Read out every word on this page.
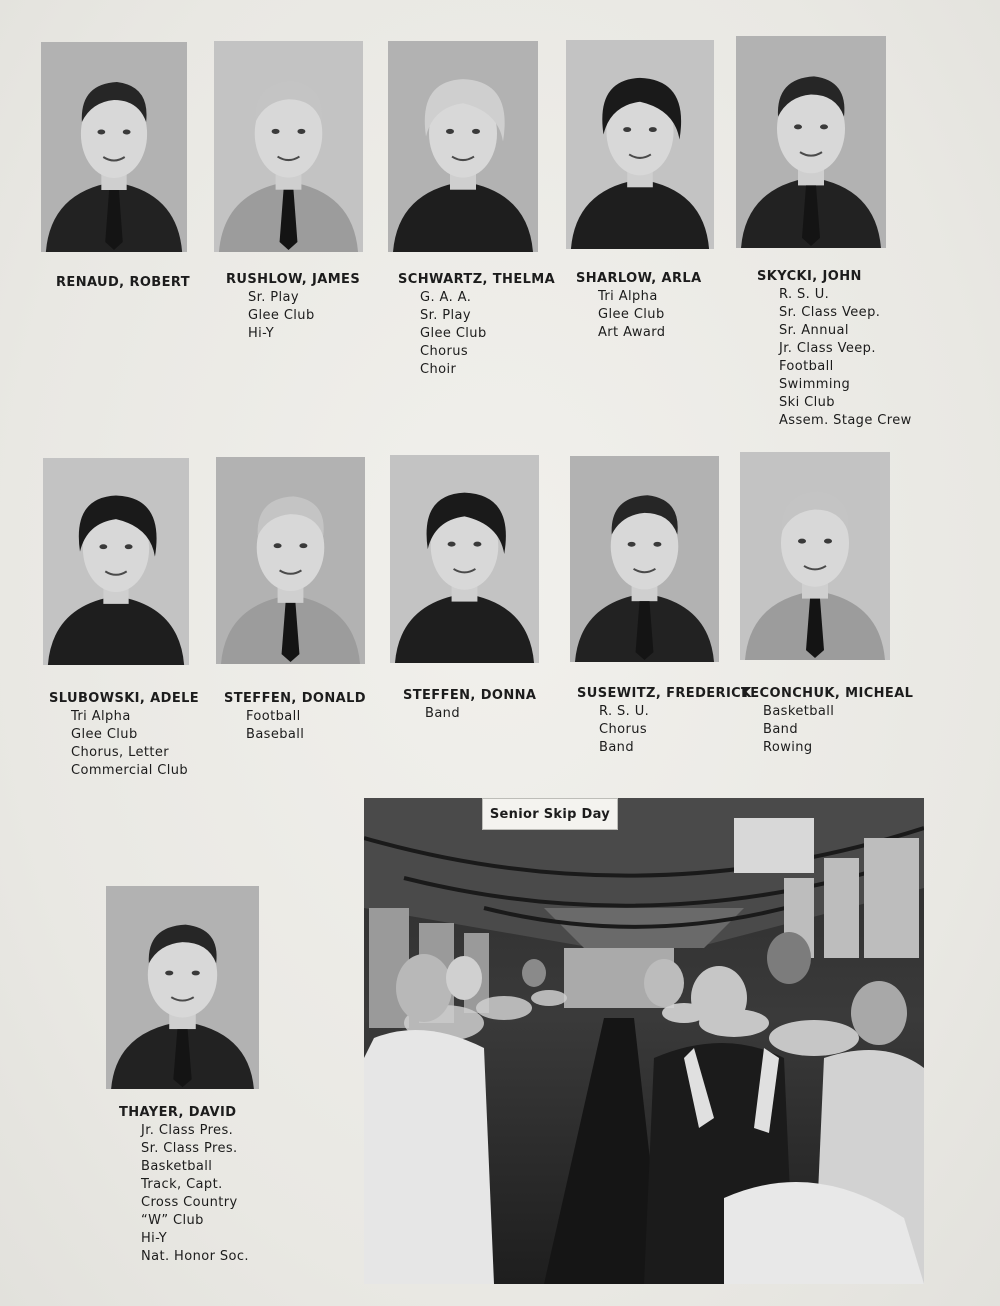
RENAUD, ROBERT	RUSHLOW, JAMES
Sr. Play
Glee Club
Hi-Y
SCHWARTZ, THELMA
G. A. A.
Sr. Play
Glee Club
Chorus
Choir
SHARLOW, ARLA
Tri Alpha
Glee Club
Art Award
SKYCKI, JOHN
R. S. U.
Sr. Class Veep.
Sr. Annual
Jr. Class Veep.
Football
Swimming
Ski Club
Assem. Stage Crew
SLUBOWSKI, ADELE
Tri Alpha
Glee Club
Chorus, Letter
Commercial Club
STEFFEN, DONALD
Football
Baseball
STEFFEN, DONNA
Band
SUSEWITZ, FREDERICK
R. S. U.
Chorus
Band
TECONCHUK, MICHEAL
Basketball
Band
Rowing
THAYER, DAVID
Jr. Class Pres.
Sr. Class Pres.
Basketball
Track, Capt.
Cross Country
“W” Club
Hi-Y
Nat. Honor Soc.
Senior Skip Day
